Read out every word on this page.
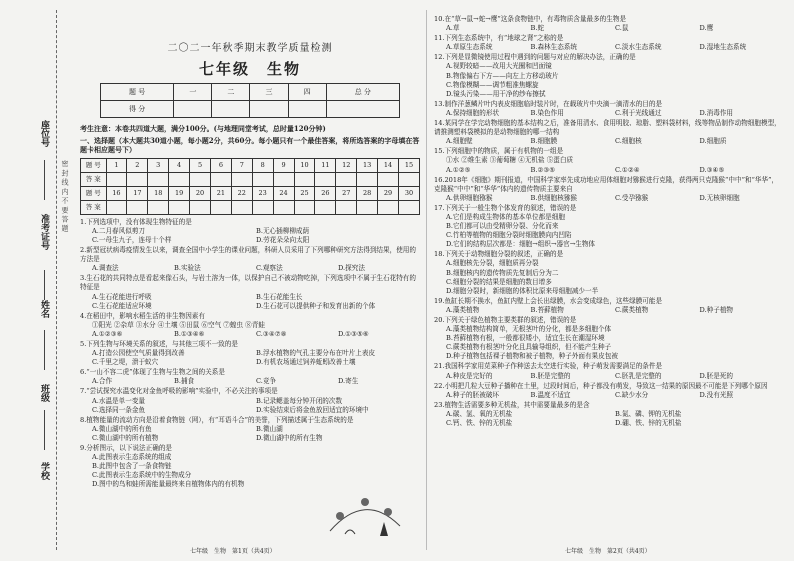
密 封 线 内 不 要 答 题
座位号
准考证号
姓名
班级
学校
二〇二一年秋季期末教学质量检测
七年级　生物
题 号	一	二	三	四	总 分
得 分					
考生注意：本卷共四道大题，满分100分。(与地理同堂考试，总时量120分钟)
一、选择题（本大题共30道小题，每小题2分，共60分。每小题只有一个最佳答案，将所选答案的字母填在答题卡相应题号下）
题 号	1	2	3	4	5	6	7	8	9	10	11	12	13	14	15
答 案															
题 号	16	17	18	19	20	21	22	23	24	25	26	27	28	29	30
答 案															
1.下列选项中，没有体现生物特征的是
A.二月春风似剪刀	B.无心插柳柳成荫
C.一母生九子，连母十个样	D.劳花朵朵向太阳
2.新型冠状病毒疫情发生以来，调查全国中小学生的课业问题，科研人员采用了下列哪种研究方法得到结果，使用的方法是
A.调查法	B.实验法	C.观察法	D.探究法
3.生石花的共同特点是看起来像石头，与岩土溶为一体，以保护自己不被动物吃掉，下列选项中不属于生石花特有的特征是
A.生石花能进行呼吸	B.生石花能生长
C.生石花能适应环境	D.生石花可以提供种子和发育出新的个体
4.在稻田中，影响水稻生活的非生物因素有
①阳光 ②杂草 ③水分 ④土壤 ⑤田鼠 ⑥空气 ⑦蝗虫 ⑧青蛙
A.①②③⑥	B.①③④⑥	C.③④⑦⑧	D.①③⑤⑥
5.下列生物与环境关系的叙述，与其他三项不一致的是
A.打造公园使空气质量得到改善	B.浮水植物的气孔主要分布在叶片上表皮
C.千里之堤，溃于蚁穴	D.有机农场通过饲养蚯蚓改善土壤
6.“一山不容二虎”体现了生物与生物之间的关系是
A.合作	B.捕食	C.竞争	D.寄生
7.“尝试探究水温变化对金鱼呼吸的影响”实验中，不必关注的事项是
A.水温是单一变量	B.记录鳃盖每分钟开闭的次数
C.选择同一条金鱼	D.实验结束后将金鱼放回适宜的环境中
8.植物能量的流动方向是沿着食物链（网），有“耳语斗合”的美誉，下列描述属于生态系统的是
A.微山湖中的所有鱼	B.微山湖
C.微山湖中的所有植物	D.微山湖中的所有生物
9.分析图示，以下说法正确的是
A.此图表示生态系统的组成
B.此图中包含了一条食物链
C.此图表示生态系统中的生物成分
D.图中的鸟和蛙所需能量最终来自植物体内的有机物
七年级　生物　第1页（共4页）
10.在“草→鼠→蛇→鹰”这条食物链中，有毒物质含量最多的生物是
A.草	B.蛇	C.鼠	D.鹰
11.下列生态系统中，有“地球之肾”之称的是
A.草原生态系统	B.森林生态系统	C.淡水生态系统	D.湿地生态系统
12.下列是显微镜使用过程中遇到的问题与对应的解决办法，正确的是
A.视野较暗——改用大光圈和凹面镜
B.物像偏右下方——向左上方移动玻片
C.物像模糊——调节粗准焦螺旋
D.镜头污染——用干净的纱布擦拭
13.制作洋葱鳞片叶内表皮细胞临时装片时，在载玻片中央滴一滴清水的目的是
A.保持细胞的形状	B.染色作用	C.利于光线通过	D.消毒作用
14.某同学在学完动物细胞的基本结构之后，准备用清水、食用明胶、琼脂、塑料袋材料，线等物品制作动物细胞模型，请推测塑料袋模拟的是动物细胞的哪一结构
A.细胞壁	B.细胞膜	C.细胞核	D.细胞质
15.下列细胞中的物质，属于有机物的一组是
①水 ②维生素 ③葡萄糖 ④无机盐 ⑤蛋白质
A.①②⑤	B.②③⑤	C.①②④	D.③④⑤
16.2018年《细胞》期刊报道，中国科学家率先成功地应用体细胞对猕猴进行克隆，获得两只克隆猴“中中”和“华华”，克隆猴“中中”和“华华”体内的遗传物质主要来自
A.供卵细胞猕猴	B.供细胞核猕猴	C.受孕猕猴	D.无核卵细胞
17.下列关于一般生物个体发育的叙述，错误的是
A.它们是构成生物体的基本单位都是细胞
B.它们都可以由受精卵分裂、分化而来
C.竹柏等植物的细胞分裂时细胞膜向内凹陷
D.它们的结构层次都是：细胞→组织→器官→生物体
18.下列关于动物细胞分裂的叙述，正确的是
A.细胞核先分裂，细胞质再分裂
B.细胞核内的遗传物质先复制后分为二
C.细胞分裂的结果是细胞的数目增多
D.细胞分裂时，新细胞的体积比原来母细胞减少一半
19.鱼缸长期不换水，鱼缸内壁上会长出绿膜，水会变成绿色，这些绿膜可能是
A.藻类植物	B.苔藓植物	C.蕨类植物	D.种子植物
20.下列关于绿色植物主要类群的叙述，错误的是
A.藻类植物结构简单，无根茎叶的分化，都是多细胞个体
B.苔藓植物有根，一般都很矮小，适宜生长在潮湿环境
C.蕨类植物有根茎叶分化且具输导组织，但不能产生种子
D.种子植物包括裸子植物和被子植物，种子外面有果皮包被
21.我国科学家用苋菜种子作种送去太空进行实验，种子萌发需要满足的条件是
A.种皮是完好的	B.胚是完整的	C.胚乳是完整的	D.胚是死的
22.小明把几粒大豆种子播种在土里，过段时间后，种子都没有萌发，导致这一结果的原因最不可能是下列哪个原因
A.种子的胚被破坏	B.温度不适宜	C.缺少水分	D.没有光照
23.植物生活需要多种无机盐，其中需要量最多的是含
A.碳、氢、氧的无机盐	B.氮、磷、钾的无机盐
C.钙、铁、锌的无机盐	D.硼、铁、锌的无机盐
七年级　生物　第2页（共4页）
